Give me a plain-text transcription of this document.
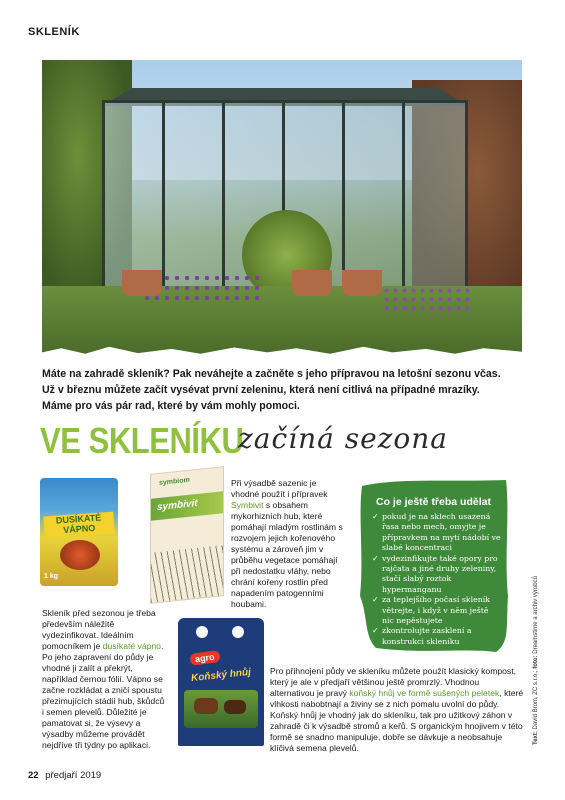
SKLENÍK

Máte na zahradě skleník? Pak neváhejte a začněte s jeho přípravou na letošní sezonu včas.

Už v březnu můžete začít vysévat první zeleninu, která není citlivá na případné mrazíky.

Máme pro vás pár rad, které by vám mohly pomoci.

VE SKLENÍKU
začíná sezona
DUSÍKATÉ VÁPNO
1 kg
symbiom
symbivit
agro
Koňský hnůj

Při výsadbě sazenic je vhodné použít i přípravek Symbivit s obsahem mykorhizních hub, které pomáhají mladým rostlinám s rozvojem jejich kořenového systému a zároveň jim v průběhu vegetace pomáhají při nedostatku vláhy, nebo chrání kořeny rostlin před napadením patogenními houbami.

Co je ještě třeba udělat
✓ pokud je na sklech usazená řasa nebo mech, omyjte je přípravkem na mytí nádobí ve slabé koncentraci
✓ vydezinfikujte také opory pro rajčata a jiné druhy zeleniny, stačí slabý roztok hypermanganu
✓ za teplejšího počasí skleník větrejte, i když v něm ještě nic nepěstujete
✓ zkontrolujte zasklení a konstrukci skleníku

Skleník před sezonou je třeba především náležitě vydezinfikovat. Ideálním pomocníkem je dusíkaté vápno. Po jeho zapravení do půdy je vhodné ji zalít a překrýt, například černou fólií. Vápno se začne rozkládat a zničí spoustu přezimujících stádií hub, škůdců i semen plevelů. Důležité je pamatovat si, že výsevy a výsadby můžeme provádět nejdříve tři týdny po aplikaci.

Pro přihnojení půdy ve skleníku můžete použít klasický kompost, který je ale v předjaří většinou ještě promrzlý. Vhodnou alternativou je pravý koňský hnůj ve formě sušených peletek, které vlhkosti nabobtnají a živiny se z nich pomalu uvolní do půdy. Koňský hnůj je vhodný jak do skleníku, tak pro užitkový záhon v zahradě či k výsadbě stromů a keřů. S organickým hnojivem v této formě se snadno manipuluje, dobře se dávkuje a neobsahuje klíčivá semena plevelů.

Text: David Brom, ZC s.r.o.; foto: Dreamstime a archiv výrobců
22 předjaří 2019
